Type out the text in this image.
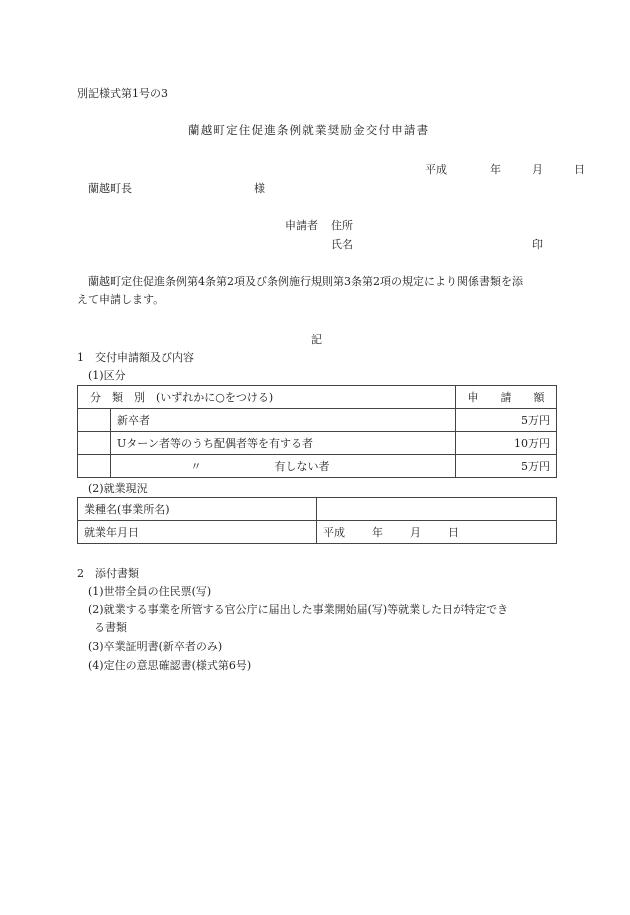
別記様式第1号の3
蘭越町定住促進条例就業奨励金交付申請書
平成	年	月	日
蘭越町長	様
申請者 住所
氏名	印
蘭越町定住促進条例第4条第2項及び条例施行規則第3条第2項の規定により関係書類を添
えて申請します。
記
1　交付申請額及び内容
(1)区分
分　類　別　(いずれかに○をつける)		申　　請　　額
	新卒者	5万円
	Uターン者等のうち配偶者等を有する者	10万円
	〃 有しない者	5万円
(2)就業現況
業種名(事業所名)	
就業年月日	平成 年 月 日
2　添付書類
(1)世帯全員の住民票(写)
(2)就業する事業を所管する官公庁に届出した事業開始届(写)等就業した日が特定でき
る書類
(3)卒業証明書(新卒者のみ)
(4)定住の意思確認書(様式第6号)
